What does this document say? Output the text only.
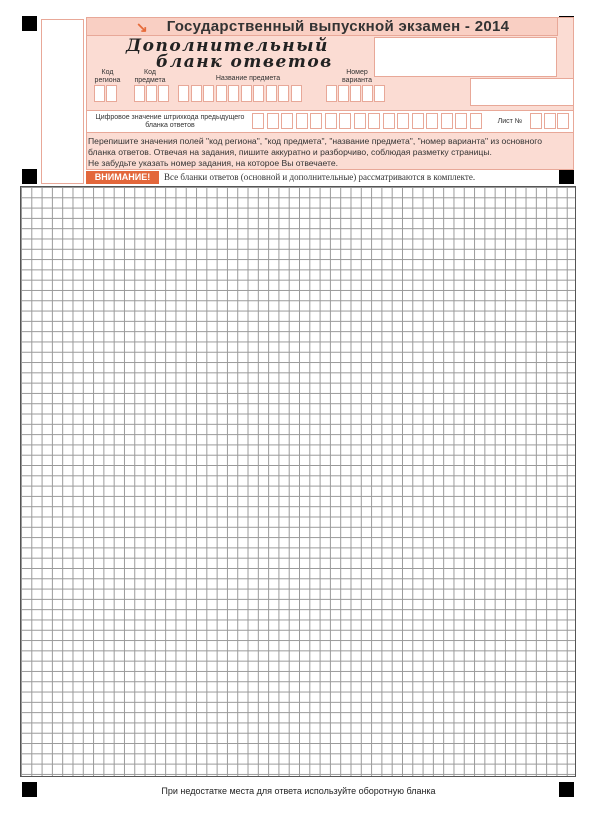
↘	Государственный выпускной экзамен - 2014
Дополнительный
бланк ответов
Код региона
Код предмета	Название предмета
Номер варианта
Цифровое значение штрихкода предыдущего бланка ответов
Лист №
Перепишите значения полей "код региона", "код предмета", "название предмета", "номер варианта" из основного
бланка ответов. Отвечая на задания, пишите аккуратно и разборчиво, соблюдая разметку страницы.
Не забудьте указать номер задания, на которое Вы отвечаете.
ВНИМАНИЕ!	Все бланки ответов (основной и дополнительные) рассматриваются в комплекте.
При недостатке места для ответа используйте оборотную бланка
